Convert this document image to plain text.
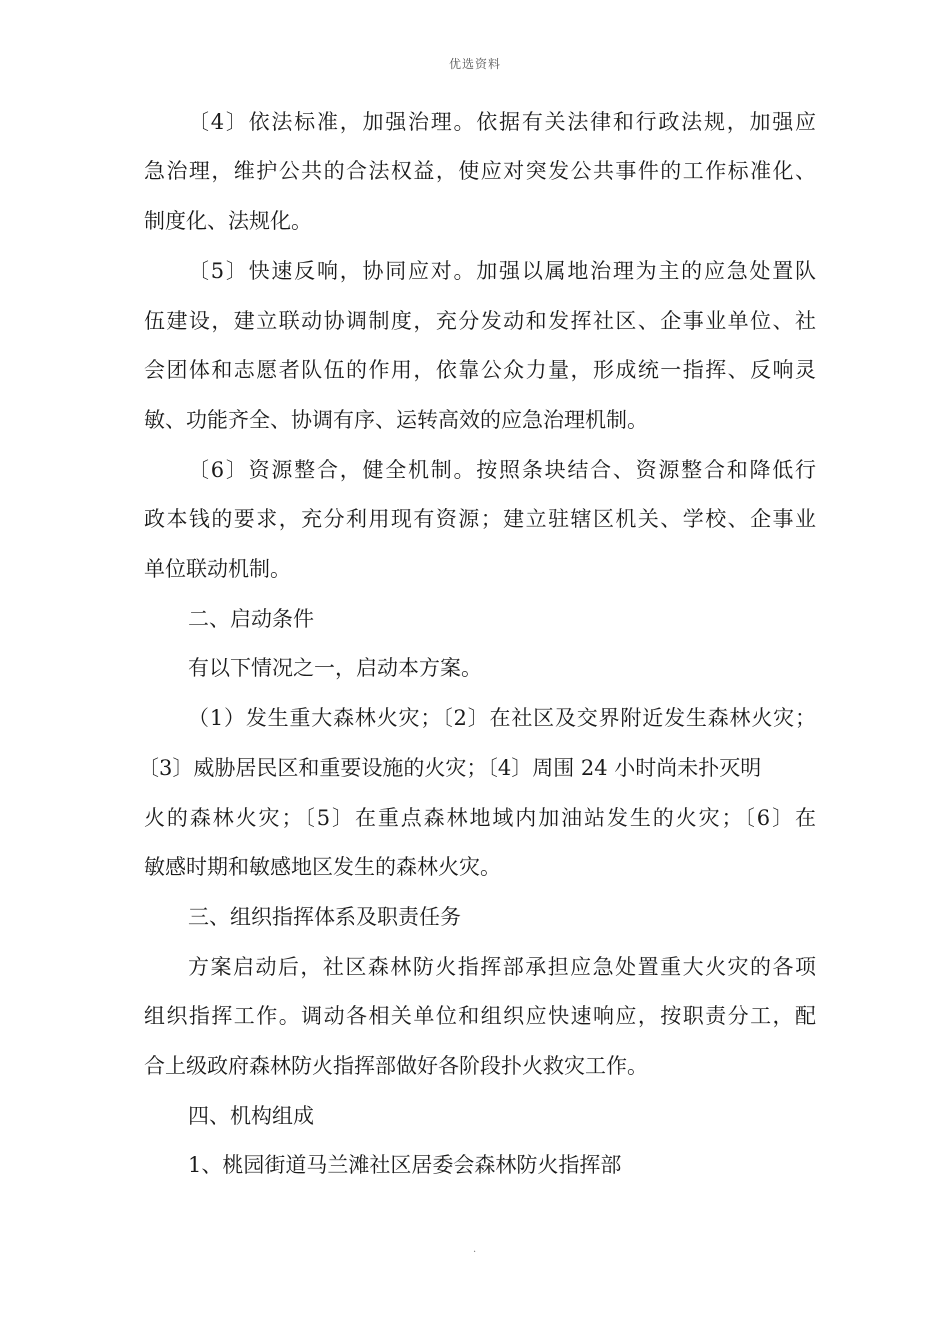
优选资料
〔4〕依法标准，加强治理。依据有关法律和行政法规，加强应
急治理，维护公共的合法权益，使应对突发公共事件的工作标准化、
制度化、法规化。
〔5〕快速反响，协同应对。加强以属地治理为主的应急处置队
伍建设，建立联动协调制度，充分发动和发挥社区、企事业单位、社
会团体和志愿者队伍的作用，依靠公众力量，形成统一指挥、反响灵
敏、功能齐全、协调有序、运转高效的应急治理机制。
〔6〕资源整合，健全机制。按照条块结合、资源整合和降低行
政本钱的要求，充分利用现有资源；建立驻辖区机关、学校、企事业
单位联动机制。
二、启动条件
有以下情况之一，启动本方案。
（1）发生重大森林火灾；〔2〕在社区及交界附近发生森林火灾；
〔3〕威胁居民区和重要设施的火灾；〔4〕周围 24 小时尚未扑灭明
火的森林火灾；〔5〕在重点森林地域内加油站发生的火灾；〔6〕在
敏感时期和敏感地区发生的森林火灾。
三、组织指挥体系及职责任务
方案启动后，社区森林防火指挥部承担应急处置重大火灾的各项
组织指挥工作。调动各相关单位和组织应快速响应，按职责分工，配
合上级政府森林防火指挥部做好各阶段扑火救灾工作。
四、机构组成
1、桃园街道马兰滩社区居委会森林防火指挥部
.
